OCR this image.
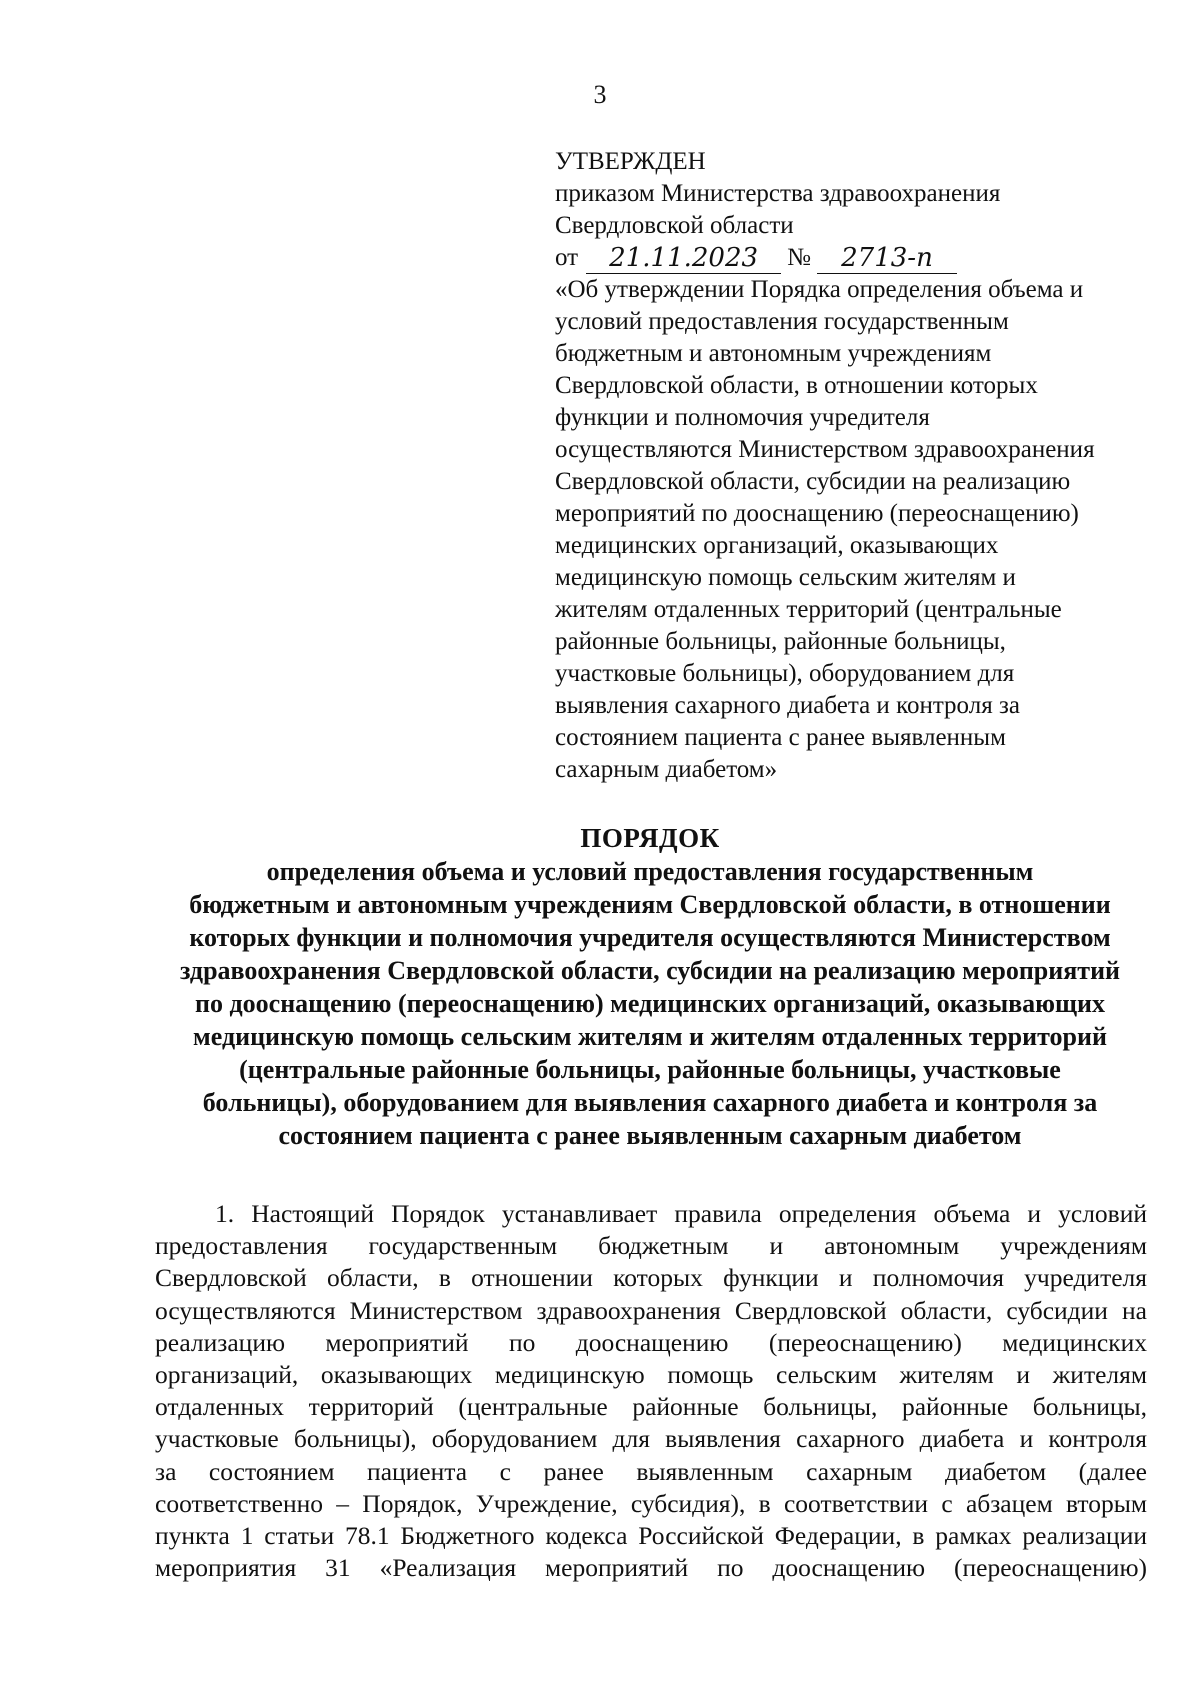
3
УТВЕРЖДЕН
приказом Министерства здравоохранения
Свердловской области
от	21.11.2023	№	2713-п
«Об утверждении Порядка определения объема и
условий предоставления государственным
бюджетным и автономным учреждениям
Свердловской области, в отношении которых
функции и полномочия учредителя
осуществляются Министерством здравоохранения
Свердловской области, субсидии на реализацию
мероприятий по дооснащению (переоснащению)
медицинских организаций, оказывающих
медицинскую помощь сельским жителям и
жителям отдаленных территорий (центральные
районные больницы, районные больницы,
участковые больницы), оборудованием для
выявления сахарного диабета и контроля за
состоянием пациента с ранее выявленным
сахарным диабетом»
ПОРЯДОК
определения объема и условий предоставления государственным
бюджетным и автономным учреждениям Свердловской области, в отношении
которых функции и полномочия учредителя осуществляются Министерством
здравоохранения Свердловской области, субсидии на реализацию мероприятий
по дооснащению (переоснащению) медицинских организаций, оказывающих
медицинскую помощь сельским жителям и жителям отдаленных территорий
(центральные районные больницы, районные больницы, участковые
больницы), оборудованием для выявления сахарного диабета и контроля за
состоянием пациента с ранее выявленным сахарным диабетом
1. Настоящий Порядок устанавливает правила определения объема и условий
предоставления государственным бюджетным и автономным учреждениям
Свердловской области, в отношении которых функции и полномочия учредителя
осуществляются Министерством здравоохранения Свердловской области, субсидии на
реализацию мероприятий по дооснащению (переоснащению) медицинских
организаций, оказывающих медицинскую помощь сельским жителям и жителям
отдаленных территорий (центральные районные больницы, районные больницы,
участковые больницы), оборудованием для выявления сахарного диабета и контроля
за состоянием пациента с ранее выявленным сахарным диабетом (далее
соответственно – Порядок, Учреждение, субсидия), в соответствии с абзацем вторым
пункта 1 статьи 78.1 Бюджетного кодекса Российской Федерации, в рамках реализации
мероприятия 31 «Реализация мероприятий по дооснащению (переоснащению)
